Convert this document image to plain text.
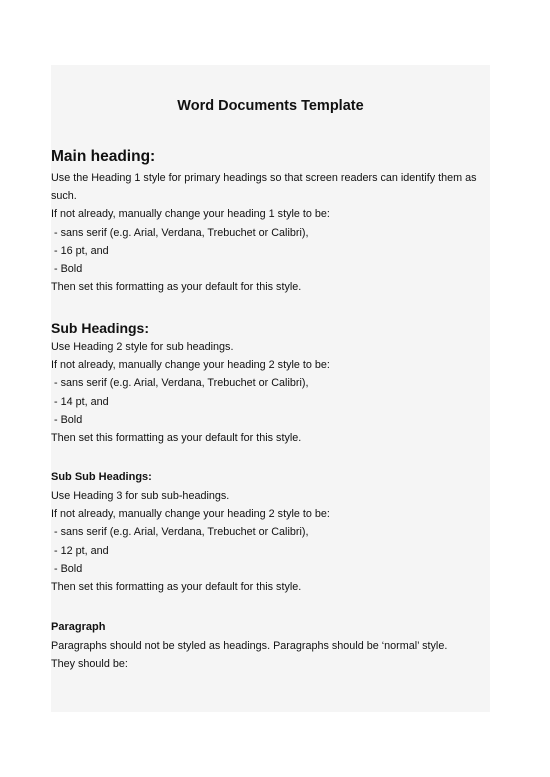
Word Documents Template
Main heading:

Use the Heading 1 style for primary headings so that screen readers can identify them as

such.

If not already, manually change your heading 1 style to be:

- sans serif (e.g. Arial, Verdana, Trebuchet or Calibri),

- 16 pt, and

- Bold

Then set this formatting as your default for this style.

Sub Headings:

Use Heading 2 style for sub headings.

If not already, manually change your heading 2 style to be:

- sans serif (e.g. Arial, Verdana, Trebuchet or Calibri),

- 14 pt, and

- Bold

Then set this formatting as your default for this style.

Sub Sub Headings:

Use Heading 3 for sub sub-headings.

If not already, manually change your heading 2 style to be:

- sans serif (e.g. Arial, Verdana, Trebuchet or Calibri),

- 12 pt, and

- Bold

Then set this formatting as your default for this style.

Paragraph

Paragraphs should not be styled as headings. Paragraphs should be ‘normal’ style.

They should be:
